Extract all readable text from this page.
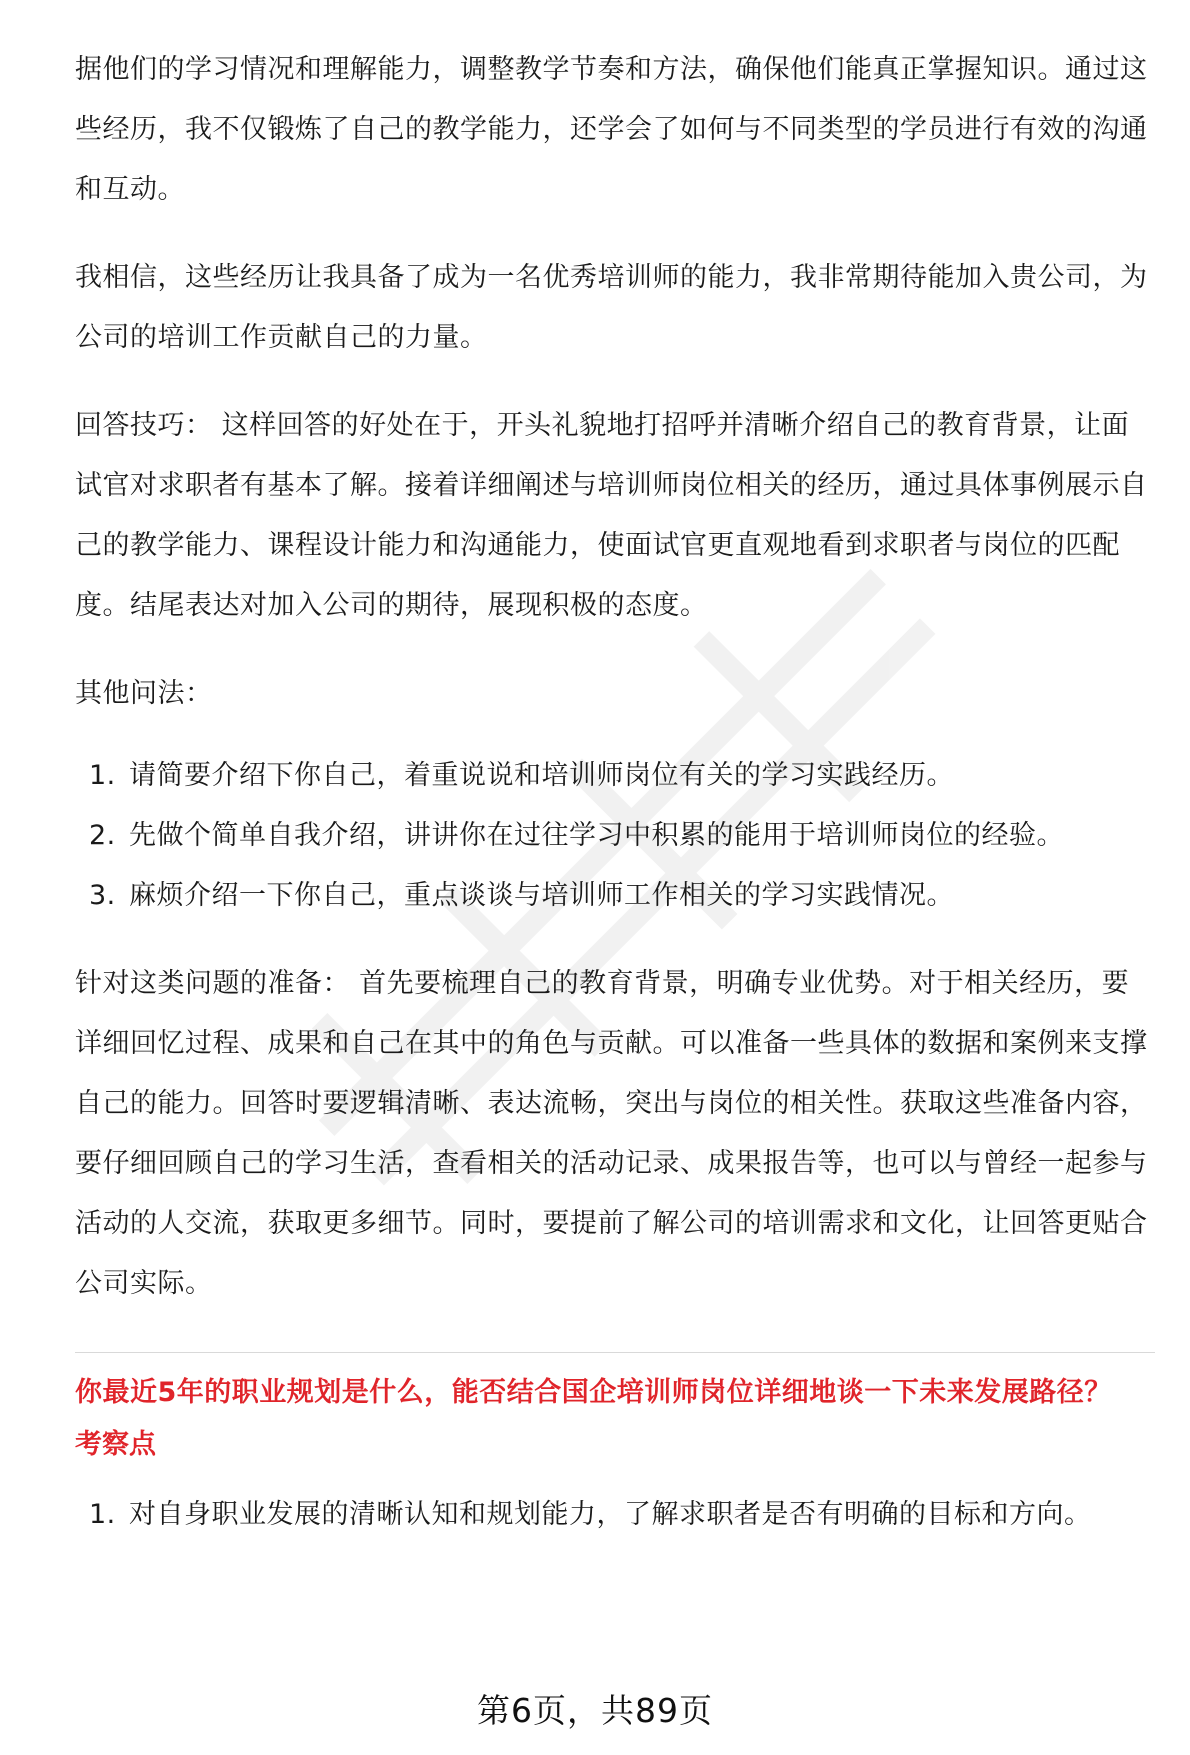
据他们的学习情况和理解能力，调整教学节奏和方法，确保他们能真正掌握知识。通过这些经历，我不仅锻炼了自己的教学能力，还学会了如何与不同类型的学员进行有效的沟通和互动。

我相信，这些经历让我具备了成为一名优秀培训师的能力，我非常期待能加入贵公司，为公司的培训工作贡献自己的力量。

回答技巧： 这样回答的好处在于，开头礼貌地打招呼并清晰介绍自己的教育背景，让面试官对求职者有基本了解。接着详细阐述与培训师岗位相关的经历，通过具体事例展示自己的教学能力、课程设计能力和沟通能力，使面试官更直观地看到求职者与岗位的匹配度。结尾表达对加入公司的期待，展现积极的态度。

其他问法：

1. 请简要介绍下你自己，着重说说和培训师岗位有关的学习实践经历。
2. 先做个简单自我介绍，讲讲你在过往学习中积累的能用于培训师岗位的经验。
3. 麻烦介绍一下你自己，重点谈谈与培训师工作相关的学习实践情况。

针对这类问题的准备： 首先要梳理自己的教育背景，明确专业优势。对于相关经历，要详细回忆过程、成果和自己在其中的角色与贡献。可以准备一些具体的数据和案例来支撑自己的能力。回答时要逻辑清晰、表达流畅，突出与岗位的相关性。获取这些准备内容，要仔细回顾自己的学习生活，查看相关的活动记录、成果报告等，也可以与曾经一起参与活动的人交流，获取更多细节。同时，要提前了解公司的培训需求和文化，让回答更贴合公司实际。

你最近5年的职业规划是什么，能否结合国企培训师岗位详细地谈一下未来发展路径？

考察点

1. 对自身职业发展的清晰认知和规划能力，了解求职者是否有明确的目标和方向。
第6页，共89页
